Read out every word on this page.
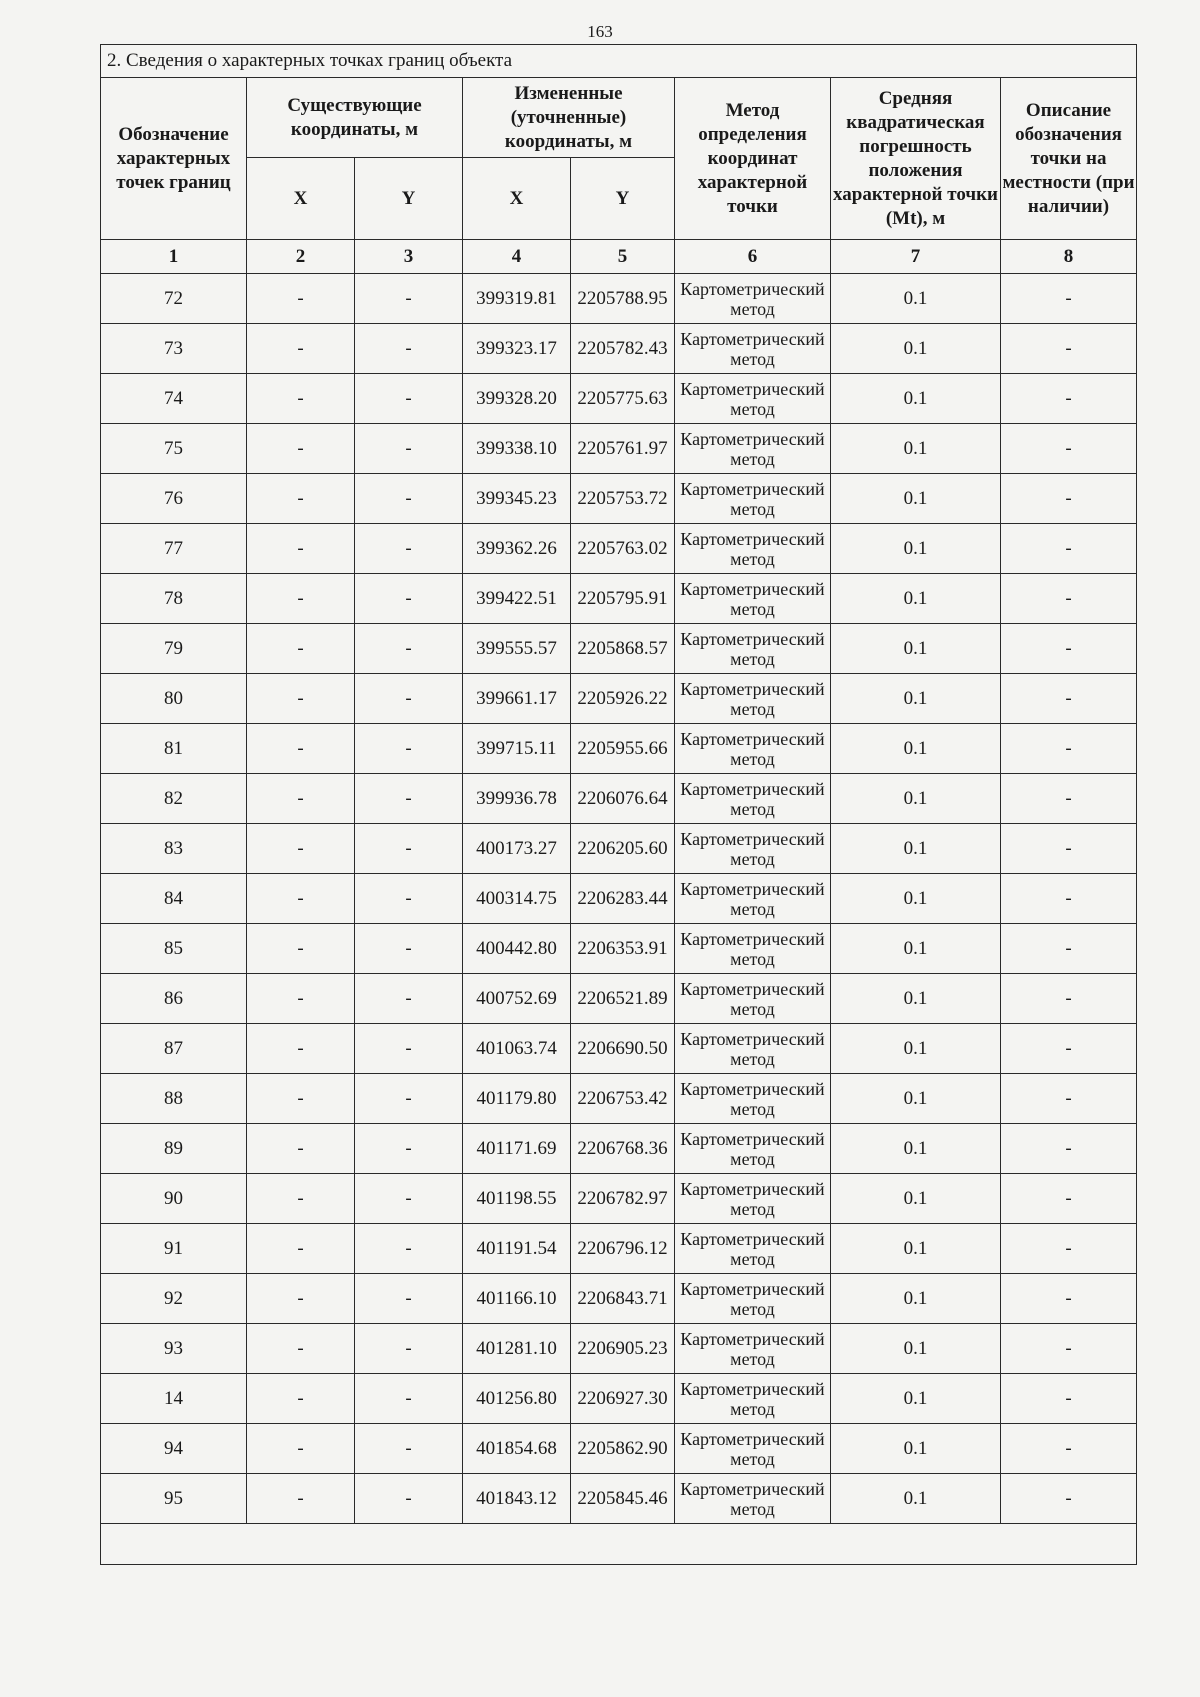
163
2. Сведения о характерных точках границ объекта							
Обозначение характерных точек границ	Существующие координаты, м		Измененные (уточненные) координаты, м		Метод определения координат характерной точки	Средняя квадратическая погрешность положения характерной точки (Mt), м	Описание обозначения точки на местности (при наличии)
	X	Y	X	Y			
1	2	3	4	5	6	7	8
72	-	-	399319.81	2205788.95	Картометрический метод	0.1	-
73	-	-	399323.17	2205782.43	Картометрический метод	0.1	-
74	-	-	399328.20	2205775.63	Картометрический метод	0.1	-
75	-	-	399338.10	2205761.97	Картометрический метод	0.1	-
76	-	-	399345.23	2205753.72	Картометрический метод	0.1	-
77	-	-	399362.26	2205763.02	Картометрический метод	0.1	-
78	-	-	399422.51	2205795.91	Картометрический метод	0.1	-
79	-	-	399555.57	2205868.57	Картометрический метод	0.1	-
80	-	-	399661.17	2205926.22	Картометрический метод	0.1	-
81	-	-	399715.11	2205955.66	Картометрический метод	0.1	-
82	-	-	399936.78	2206076.64	Картометрический метод	0.1	-
83	-	-	400173.27	2206205.60	Картометрический метод	0.1	-
84	-	-	400314.75	2206283.44	Картометрический метод	0.1	-
85	-	-	400442.80	2206353.91	Картометрический метод	0.1	-
86	-	-	400752.69	2206521.89	Картометрический метод	0.1	-
87	-	-	401063.74	2206690.50	Картометрический метод	0.1	-
88	-	-	401179.80	2206753.42	Картометрический метод	0.1	-
89	-	-	401171.69	2206768.36	Картометрический метод	0.1	-
90	-	-	401198.55	2206782.97	Картометрический метод	0.1	-
91	-	-	401191.54	2206796.12	Картометрический метод	0.1	-
92	-	-	401166.10	2206843.71	Картометрический метод	0.1	-
93	-	-	401281.10	2206905.23	Картометрический метод	0.1	-
14	-	-	401256.80	2206927.30	Картометрический метод	0.1	-
94	-	-	401854.68	2205862.90	Картометрический метод	0.1	-
95	-	-	401843.12	2205845.46	Картометрический метод	0.1	-
